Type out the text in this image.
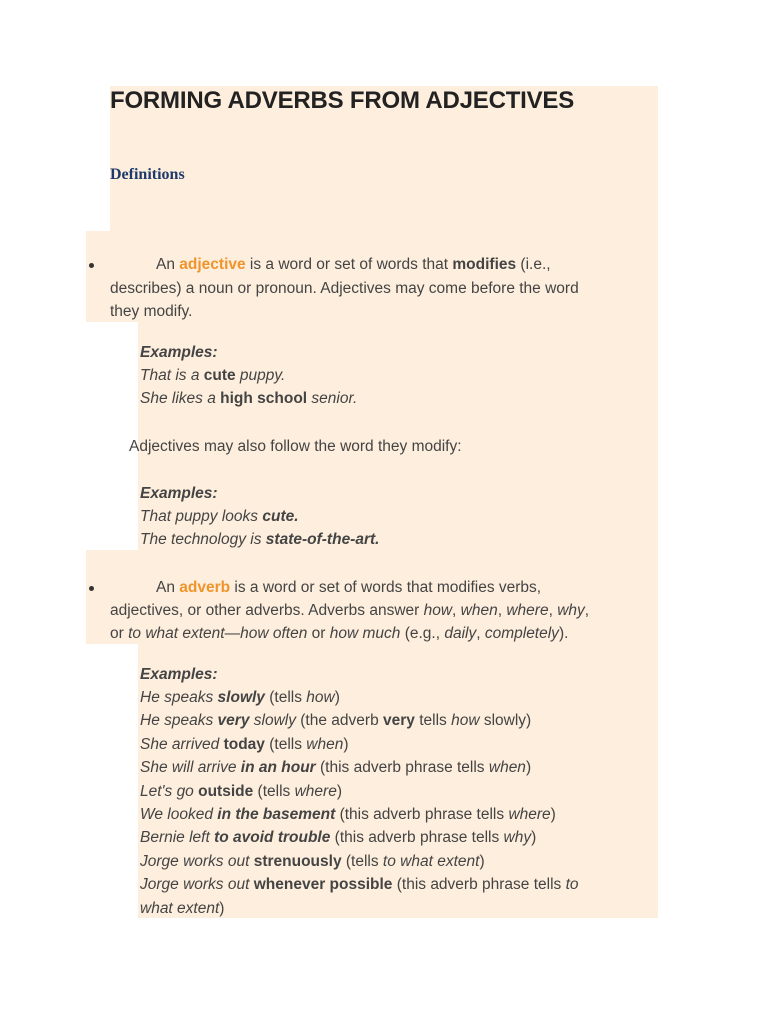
FORMING ADVERBS FROM ADJECTIVES
Definitions
An adjective is a word or set of words that modifies (i.e.,
describes) a noun or pronoun. Adjectives may come before the word
they modify.
Examples:
That is a cute puppy.
She likes a high school senior.
Adjectives may also follow the word they modify:
Examples:
That puppy looks cute.
The technology is state-of-the-art.
An adverb is a word or set of words that modifies verbs,
adjectives, or other adverbs. Adverbs answer how, when, where, why,
or to what extent—how often or how much (e.g., daily, completely).
Examples:
He speaks slowly (tells how)
He speaks very slowly (the adverb very tells how slowly)
She arrived today (tells when)
She will arrive in an hour (this adverb phrase tells when)
Let's go outside (tells where)
We looked in the basement (this adverb phrase tells where)
Bernie left to avoid trouble (this adverb phrase tells why)
Jorge works out strenuously (tells to what extent)
Jorge works out whenever possible (this adverb phrase tells to
what extent)
